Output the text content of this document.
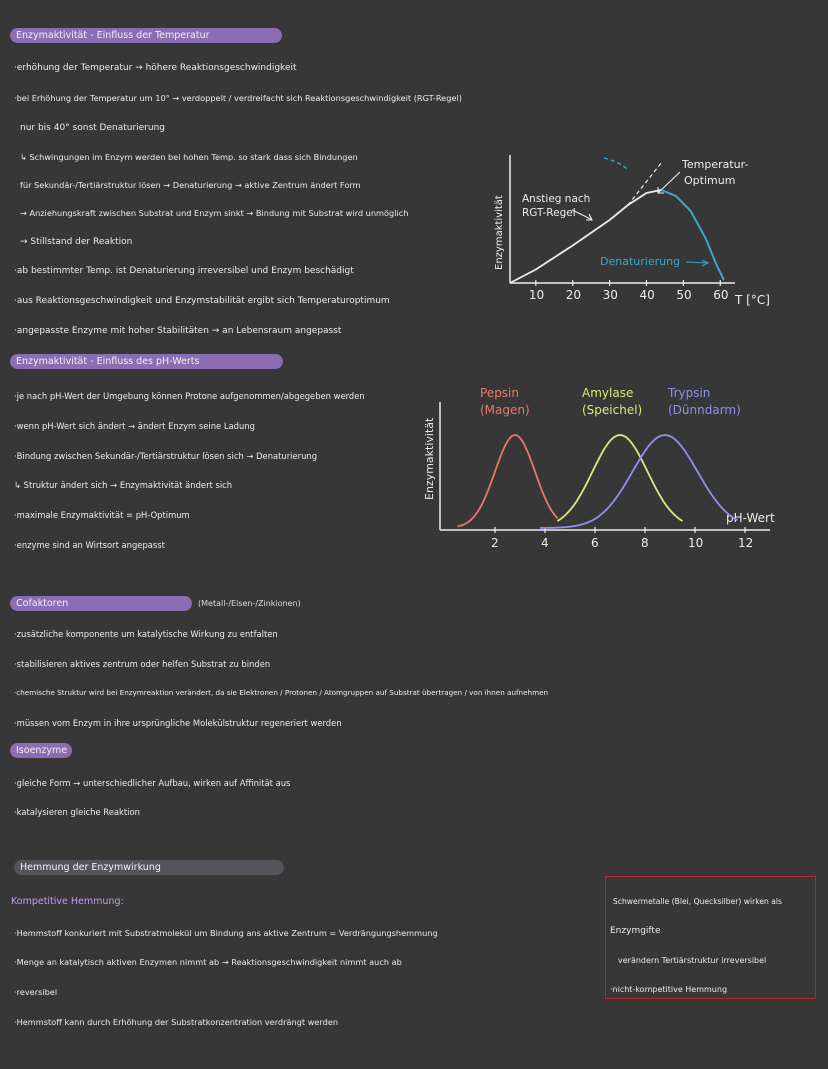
Enzymaktivität - Einfluss der Temperatur
·erhöhung der Temperatur → höhere Reaktionsgeschwindigkeit
·bei Erhöhung der Temperatur um 10° → verdoppelt / verdreifacht sich Reaktionsgeschwindigkeit (RGT-Regel)
nur bis 40° sonst Denaturierung
↳ Schwingungen im Enzym werden bei hohen Temp. so stark dass sich Bindungen
für Sekundär-/Tertiärstruktur lösen → Denaturierung → aktive Zentrum ändert Form
→ Anziehungskraft zwischen Substrat und Enzym sinkt → Bindung mit Substrat wird unmöglich
→ Stillstand der Reaktion
·ab bestimmter Temp. ist Denaturierung irreversibel und Enzym beschädigt
·aus Reaktionsgeschwindigkeit und Enzymstabilität ergibt sich Temperaturoptimum
·angepasste Enzyme mit hoher Stabilitäten → an Lebensraum angepasst
Enzymaktivität
T [°C]
10 20 30 40 50 60
Anstieg nach RGT-Regel
Temperatur-Optimum
Denaturierung
Enzymaktivität - Einfluss des pH-Werts
·je nach pH-Wert der Umgebung können Protone aufgenommen/abgegeben werden
·wenn pH-Wert sich ändert → ändert Enzym seine Ladung
·Bindung zwischen Sekundär-/Tertiärstruktur lösen sich → Denaturierung
↳ Struktur ändert sich → Enzymaktivität ändert sich
·maximale Enzymaktivität = pH-Optimum
·enzyme sind an Wirtsort angepasst
Enzymaktivität
pH-Wert
2	4	6	8	10	12
Pepsin (Magen)
Amylase (Speichel)
Trypsin (Dünndarm)
Cofaktoren	(Metall-/Eisen-/Zinkionen)
·zusätzliche komponente um katalytische Wirkung zu entfalten
·stabilisieren aktives zentrum oder helfen Substrat zu binden
·chemische Struktur wird bei Enzymreaktion verändert, da sie Elektronen / Protonen / Atomgruppen auf Substrat übertragen / von ihnen aufnehmen
·müssen vom Enzym in ihre ursprüngliche Molekülstruktur regeneriert werden
Isoenzyme
·gleiche Form → unterschiedlicher Aufbau, wirken auf Affinität aus
·katalysieren gleiche Reaktion
Hemmung der Enzymwirkung
Kompetitive Hemmung:
·Hemmstoff konkuriert mit Substratmolekül um Bindung ans aktive Zentrum = Verdrängungshemmung
·Menge an katalytisch aktiven Enzymen nimmt ab → Reaktionsgeschwindigkeit nimmt auch ab
·reversibel
·Hemmstoff kann durch Erhöhung der Substratkonzentration verdrängt werden
Schwermetalle (Blei, Quecksilber) wirken als
Enzymgifte
verändern Tertiärstruktur irreversibel
·nicht-kompetitive Hemmung
